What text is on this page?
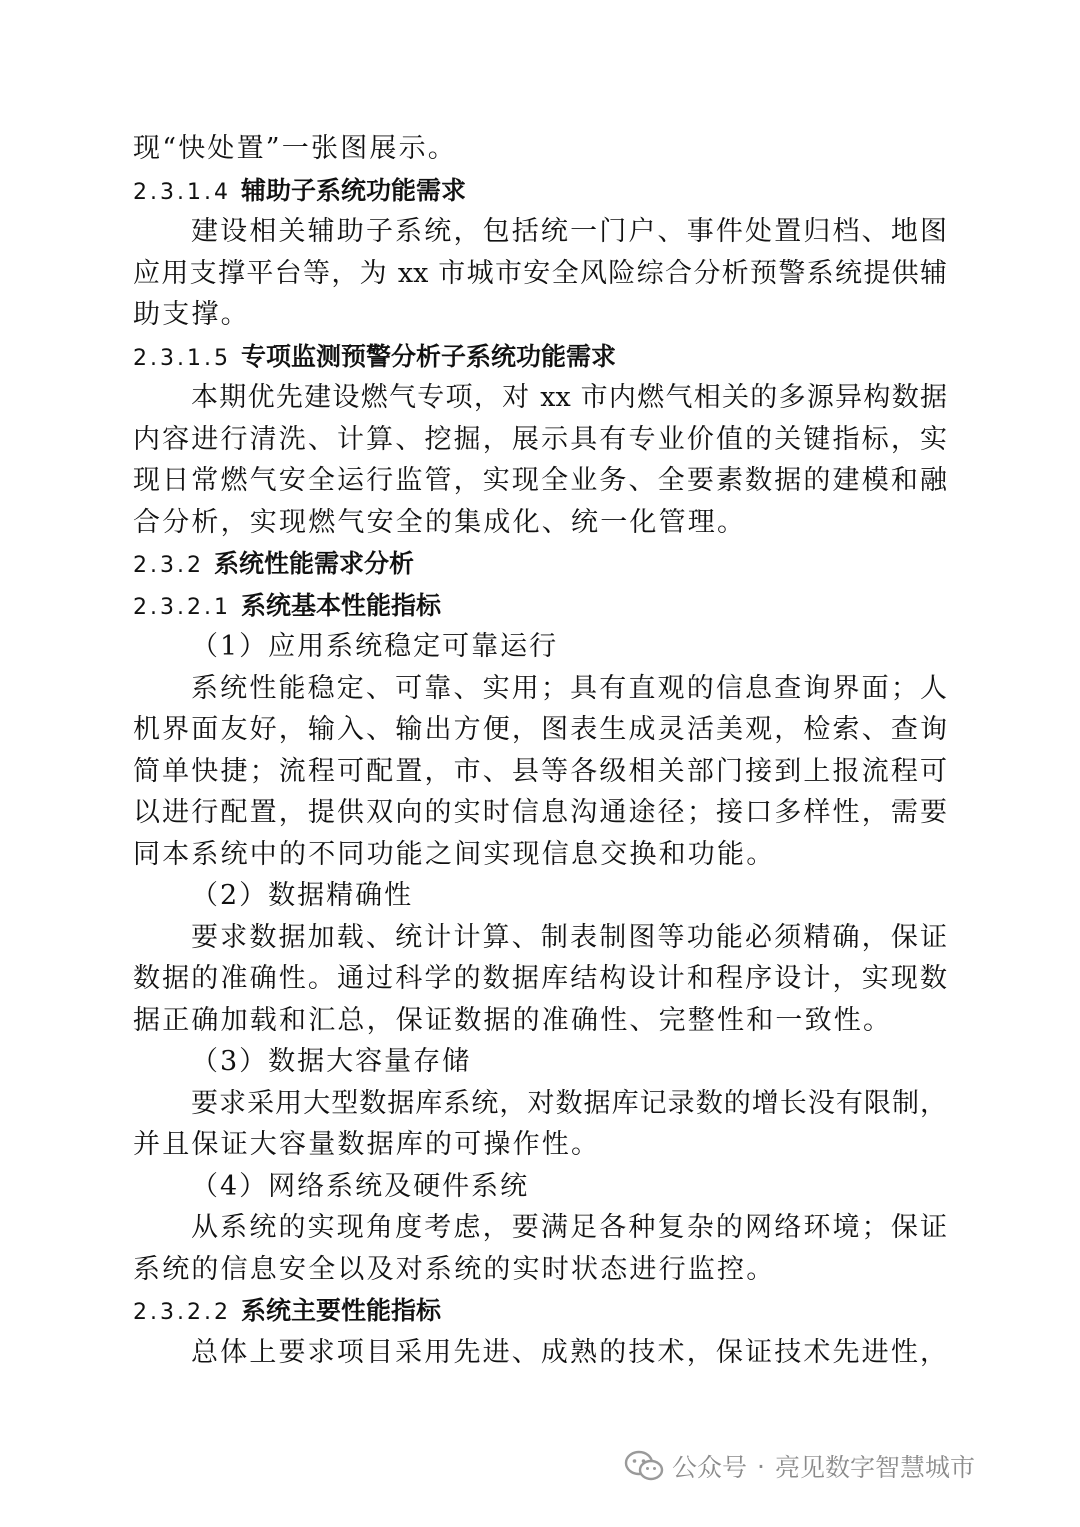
现“快处置”一张图展示。
2.3.1.4 辅助子系统功能需求
建设相关辅助子系统，包括统一门户、事件处置归档、地图
应用支撑平台等，为 xx 市城市安全风险综合分析预警系统提供辅
助支撑。
2.3.1.5 专项监测预警分析子系统功能需求
本期优先建设燃气专项，对 xx 市内燃气相关的多源异构数据
内容进行清洗、计算、挖掘，展示具有专业价值的关键指标，实
现日常燃气安全运行监管，实现全业务、全要素数据的建模和融
合分析，实现燃气安全的集成化、统一化管理。
2.3.2 系统性能需求分析
2.3.2.1 系统基本性能指标
（1）应用系统稳定可靠运行
系统性能稳定、可靠、实用；具有直观的信息查询界面；人
机界面友好，输入、输出方便，图表生成灵活美观，检索、查询
简单快捷；流程可配置，市、县等各级相关部门接到上报流程可
以进行配置，提供双向的实时信息沟通途径；接口多样性，需要
同本系统中的不同功能之间实现信息交换和功能。
（2）数据精确性
要求数据加载、统计计算、制表制图等功能必须精确，保证
数据的准确性。通过科学的数据库结构设计和程序设计，实现数
据正确加载和汇总，保证数据的准确性、完整性和一致性。
（3）数据大容量存储
要求采用大型数据库系统，对数据库记录数的增长没有限制，
并且保证大容量数据库的可操作性。
（4）网络系统及硬件系统
从系统的实现角度考虑，要满足各种复杂的网络环境；保证
系统的信息安全以及对系统的实时状态进行监控。
2.3.2.2 系统主要性能指标
总体上要求项目采用先进、成熟的技术，保证技术先进性，
公众号 · 亮见数字智慧城市
